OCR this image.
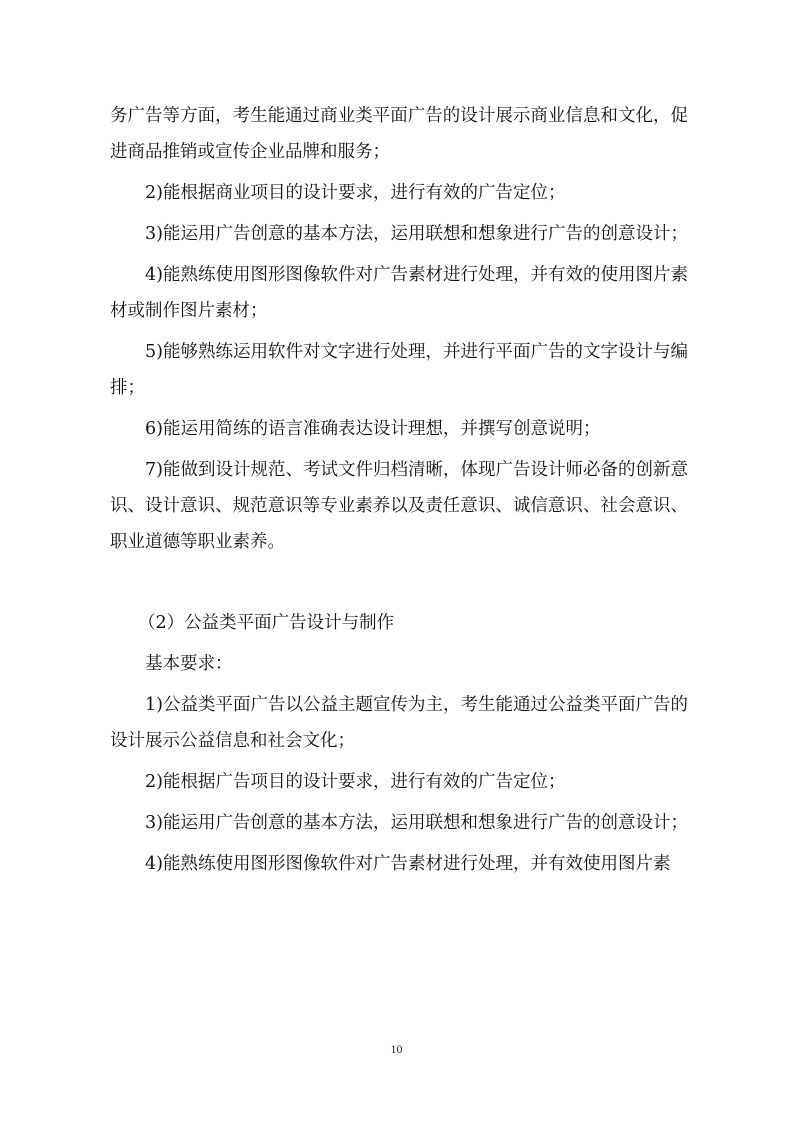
务广告等方面，考生能通过商业类平面广告的设计展示商业信息和文化，促进商品推销或宣传企业品牌和服务；

2)能根据商业项目的设计要求，进行有效的广告定位；

3)能运用广告创意的基本方法，运用联想和想象进行广告的创意设计；

4)能熟练使用图形图像软件对广告素材进行处理，并有效的使用图片素材或制作图片素材；

5)能够熟练运用软件对文字进行处理，并进行平面广告的文字设计与编排；

6)能运用简练的语言准确表达设计理想，并撰写创意说明；

7)能做到设计规范、考试文件归档清晰，体现广告设计师必备的创新意识、设计意识、规范意识等专业素养以及责任意识、诚信意识、社会意识、职业道德等职业素养。

（2）公益类平面广告设计与制作

基本要求：

1)公益类平面广告以公益主题宣传为主，考生能通过公益类平面广告的设计展示公益信息和社会文化；

2)能根据广告项目的设计要求，进行有效的广告定位；

3)能运用广告创意的基本方法，运用联想和想象进行广告的创意设计；

4)能熟练使用图形图像软件对广告素材进行处理，并有效使用图片素

10
